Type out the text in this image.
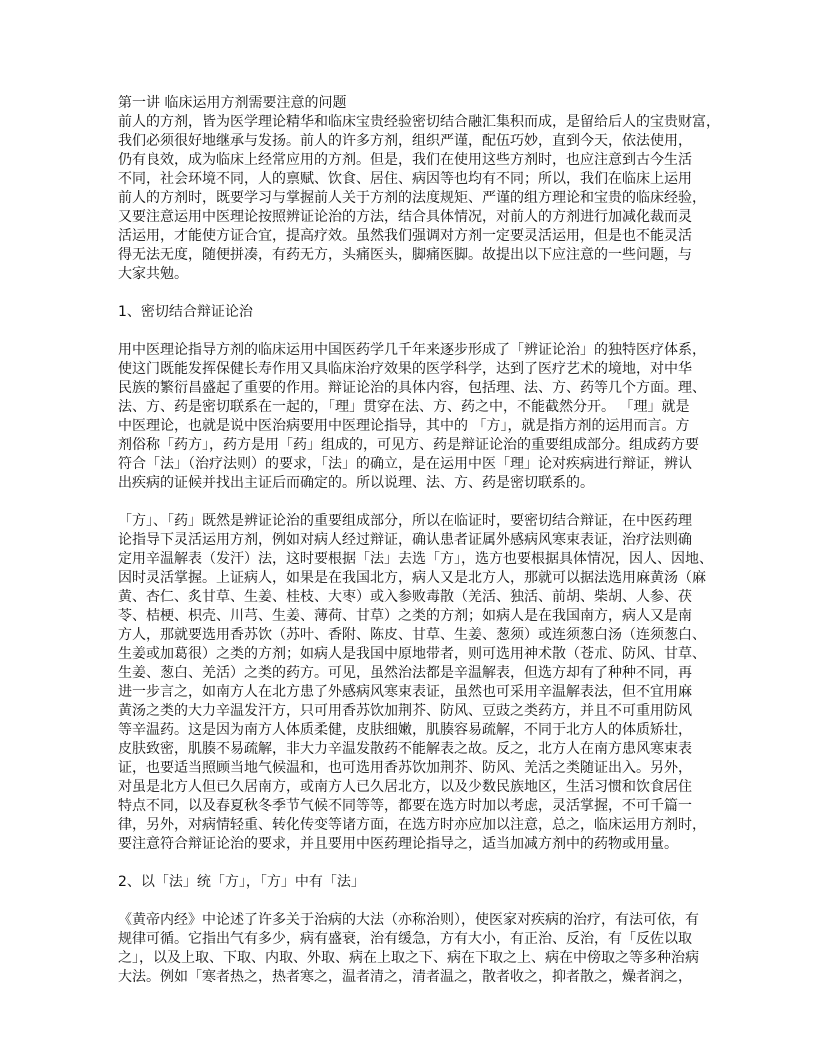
第一讲 临床运用方剂需要注意的问题
前人的方剂，皆为医学理论精华和临床宝贵经验密切结合融汇集积而成，是留给后人的宝贵财富，
我们必须很好地继承与发扬。前人的许多方剂，组织严谨，配伍巧妙，直到今天，依法使用，
仍有良效，成为临床上经常应用的方剂。但是，我们在使用这些方剂时，也应注意到古今生活
不同，社会环境不同，人的禀赋、饮食、居住、病因等也均有不同；所以，我们在临床上运用
前人的方剂时，既要学习与掌握前人关于方剂的法度规矩、严谨的组方理论和宝贵的临床经验，
又要注意运用中医理论按照辨证论治的方法，结合具体情况，对前人的方剂进行加减化裁而灵
活运用，才能使方证合宜，提高疗效。虽然我们强调对方剂一定要灵活运用，但是也不能灵活
得无法无度，随便拼凑，有药无方，头痛医头，脚痛医脚。故提出以下应注意的一些问题，与
大家共勉。
1、密切结合辩证论治
用中医理论指导方剂的临床运用中国医药学几千年来逐步形成了「辨证论治」的独特医疗体系，
使这门既能发挥保健长寿作用又具临床治疗效果的医学科学，达到了医疗艺术的境地，对中华
民族的繁衍昌盛起了重要的作用。辩证论治的具体内容，包括理、法、方、药等几个方面。理、
法、方、药是密切联系在一起的，「理」贯穿在法、方、药之中，不能截然分开。 「理」就是
中医理论，也就是说中医治病要用中医理论指导，其中的 「方」，就是指方剂的运用而言。方
剂俗称「药方」，药方是用「药」组成的，可见方、药是辩证论治的重要组成部分。组成药方要
符合「法」（治疗法则）的要求，「法」的确立，是在运用中医「理」论对疾病进行辩证，辨认
出疾病的证候并找出主证后而确定的。所以说理、法、方、药是密切联系的。
「方」、「药」既然是辨证论治的重要组成部分，所以在临证时，要密切结合辩证，在中医药理
论指导下灵活运用方剂，例如对病人经过辩证，确认患者证属外感病风寒束表证，治疗法则确
定用辛温解表（发汗）法，这时要根据「法」去选「方」，选方也要根据具体情况，因人、因地、
因时灵活掌握。上证病人，如果是在我国北方，病人又是北方人，那就可以据法选用麻黄汤（麻
黄、杏仁、炙甘草、生姜、桂枝、大枣）或入参败毒散（羌活、独活、前胡、柴胡、人参、茯
苓、桔梗、枳壳、川芎、生姜、薄荷、甘草）之类的方剂；如病人是在我国南方，病人又是南
方人，那就要选用香苏饮（苏叶、香附、陈皮、甘草、生姜、葱须）或连须葱白汤（连须葱白、
生姜或加葛很）之类的方剂；如病人是我国中原地带者，则可选用神术散（苍朮、防风、甘草、
生姜、葱白、羌活）之类的药方。可见，虽然治法都是辛温解表，但选方却有了种种不同，再
进一步言之，如南方人在北方患了外感病风寒束表证，虽然也可采用辛温解表法，但不宜用麻
黄汤之类的大力辛温发汗方，只可用香苏饮加荆芥、防风、豆豉之类药方，并且不可重用防风
等辛温药。这是因为南方人体质柔健，皮肤细嫩，肌腠容易疏解，不同于北方人的体质矫壮，
皮肤致密，肌腠不易疏解，非大力辛温发散药不能解表之故。反之，北方人在南方患风寒束表
证，也要适当照顾当地气候温和，也可选用香苏饮加荆芥、防风、羌活之类随证出入。另外，
对虽是北方人但已久居南方，或南方人已久居北方，以及少数民族地区，生活习惯和饮食居住
特点不同，以及春夏秋冬季节气候不同等等，都要在选方时加以考虑，灵活掌握，不可千篇一
律，另外，对病情轻重、转化传变等诸方面，在选方时亦应加以注意，总之，临床运用方剂时，
要注意符合辩证论治的要求，并且要用中医药理论指导之，适当加减方剂中的药物或用量。
2、以「法」统「方」，「方」中有「法」
《黄帝内经》中论述了许多关于治病的大法（亦称治则），使医家对疾病的治疗，有法可依，有
规律可循。它指出气有多少，病有盛衰，治有缓急，方有大小，有正治、反治，有「反佐以取
之」，以及上取、下取、内取、外取、病在上取之下、病在下取之上、病在中傍取之等多种治病
大法。例如「寒者热之，热者寒之，温者清之，清者温之，散者收之，抑者散之，燥者润之，
